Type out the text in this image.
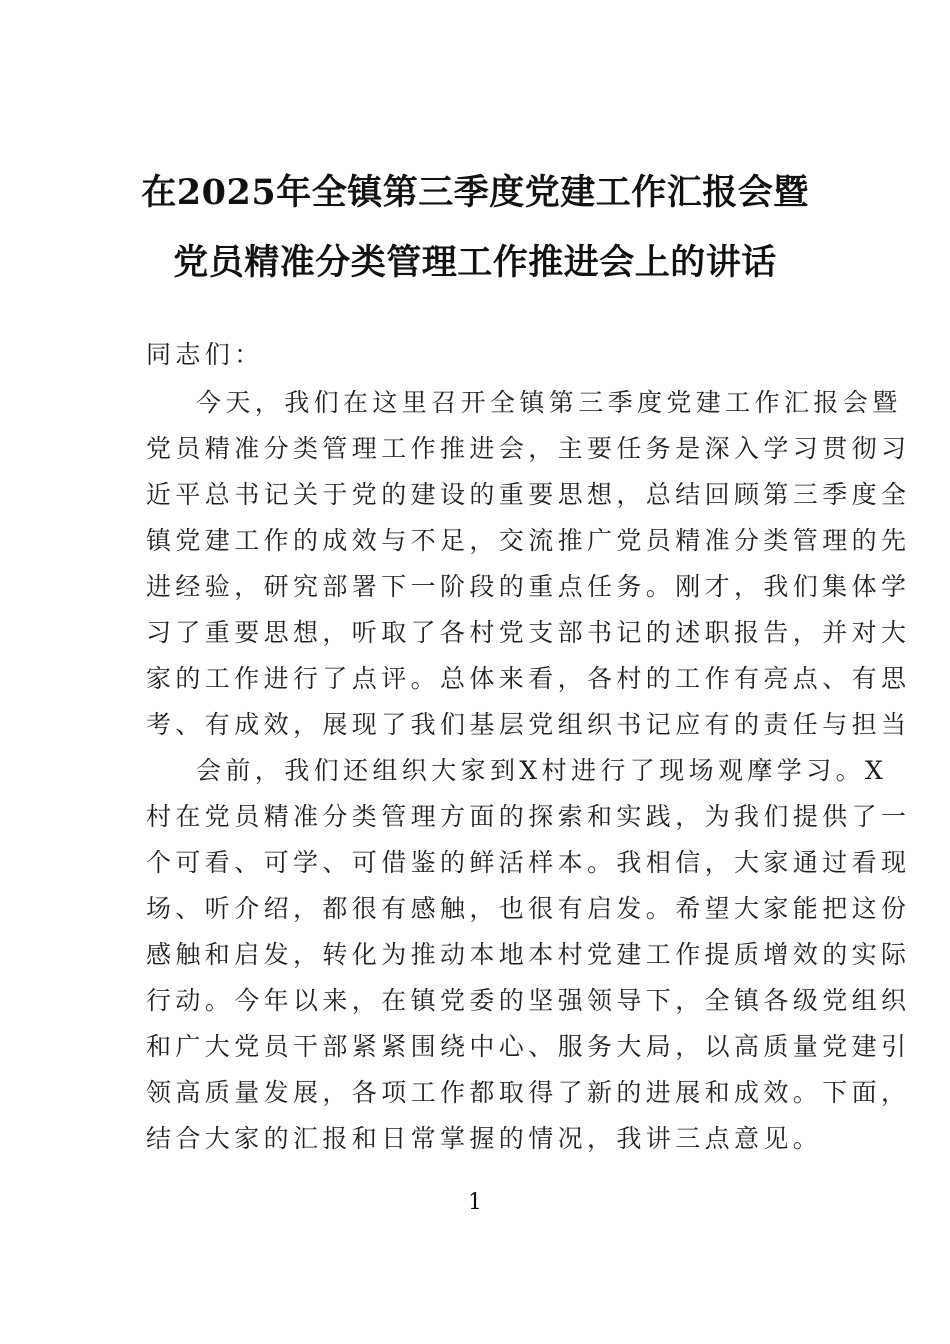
在2025年全镇第三季度党建工作汇报会暨
党员精准分类管理工作推进会上的讲话
同志们：
今天，我们在这里召开全镇第三季度党建工作汇报会暨
党员精准分类管理工作推进会，主要任务是深入学习贯彻习
近平总书记关于党的建设的重要思想，总结回顾第三季度全
镇党建工作的成效与不足，交流推广党员精准分类管理的先
进经验，研究部署下一阶段的重点任务。刚才，我们集体学
习了重要思想，听取了各村党支部书记的述职报告，并对大
家的工作进行了点评。总体来看，各村的工作有亮点、有思
考、有成效，展现了我们基层党组织书记应有的责任与担当
会前，我们还组织大家到X村进行了现场观摩学习。X
村在党员精准分类管理方面的探索和实践，为我们提供了一
个可看、可学、可借鉴的鲜活样本。我相信，大家通过看现
场、听介绍，都很有感触，也很有启发。希望大家能把这份
感触和启发，转化为推动本地本村党建工作提质增效的实际
行动。今年以来，在镇党委的坚强领导下，全镇各级党组织
和广大党员干部紧紧围绕中心、服务大局，以高质量党建引
领高质量发展，各项工作都取得了新的进展和成效。下面，
结合大家的汇报和日常掌握的情况，我讲三点意见。
1
